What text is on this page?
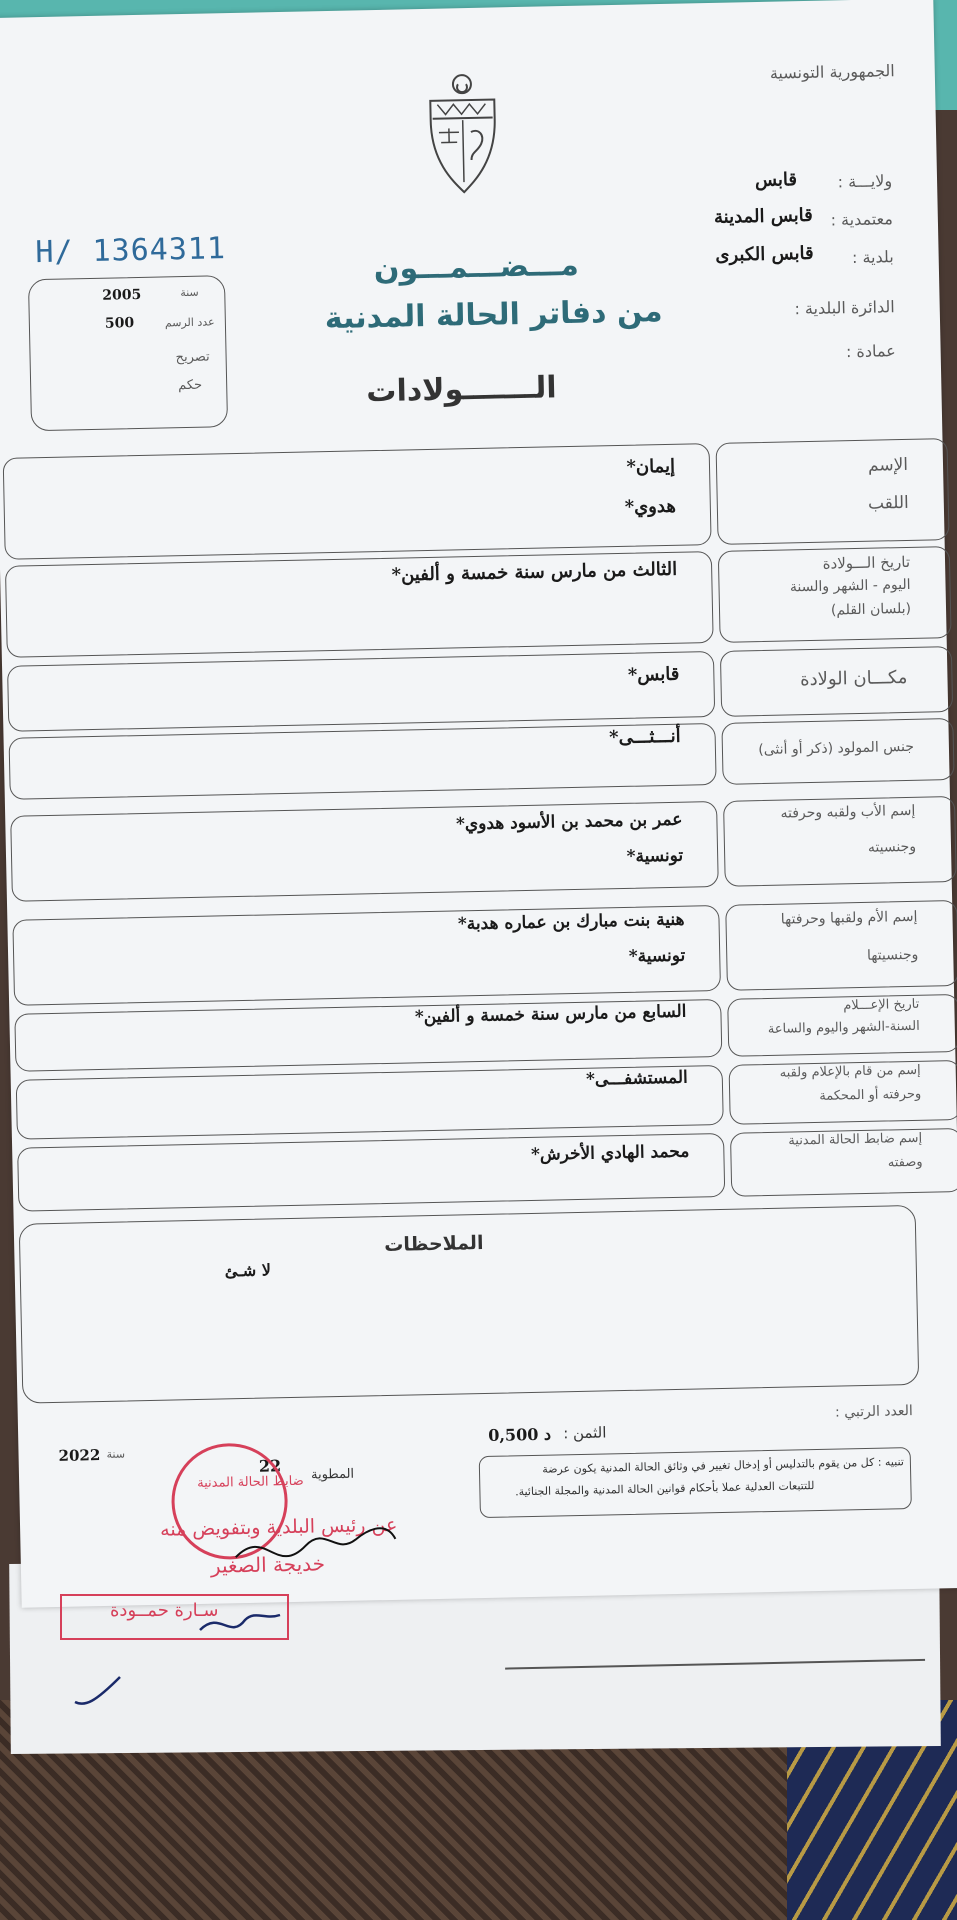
الجمهورية التونسية
ولايـــة :
قابس
معتمدية :
قابس المدينة
بلدية :
قابس الكبرى
الدائرة البلدية :
عمادة :
H/ 1364311
سنة
2005
عدد الرسم
500
تصريح
حكم
مـــضـــمـــون
من دفاتر الحالة المدنية
الـــــــولادات
الإسم
اللقب
إيمان*
هدوي*
تاريخ الـــولادة
اليوم - الشهر والسنة
(بلسان القلم)
الثالث من مارس سنة خمسة و ألفين*
مكـــان الولادة
قابس*
جنس المولود (ذكر أو أنثى)
أنـــثـــى*
إسم الأب ولقبه وحرفته
وجنسيته
عمر بن محمد بن الأسود هدوي*
تونسية*
إسم الأم ولقبها وحرفتها
وجنسيتها
هنية بنت مبارك بن عماره هدبة*
تونسية*
تاريخ الإعـــلام
السنة-الشهر واليوم والساعة
السابع من مارس سنة خمسة و ألفين*
إسم من قام بالإعلام ولقبه
وحرفته أو المحكمة
المستشفـــى*
إسم ضابط الحالة المدنية
وصفته
محمد الهادي الأخرش*
الملاحظات
لا شـئ
العدد الرتبي :
الثمن :
0,500 د
المطوية
22
سنة
2022	تنبيه : كل من يقوم بالتدليس أو إدخال تغيير في وثائق الحالة المدنية يكون عرضة
للتتبعات العدلية عملا بأحكام قوانين الحالة المدنية والمجلة الجنائية.
ضابط الحالة المدنية
عن رئيس البلدية وبتفويض منه
خديجة الصغير
سـارة حمــودة
